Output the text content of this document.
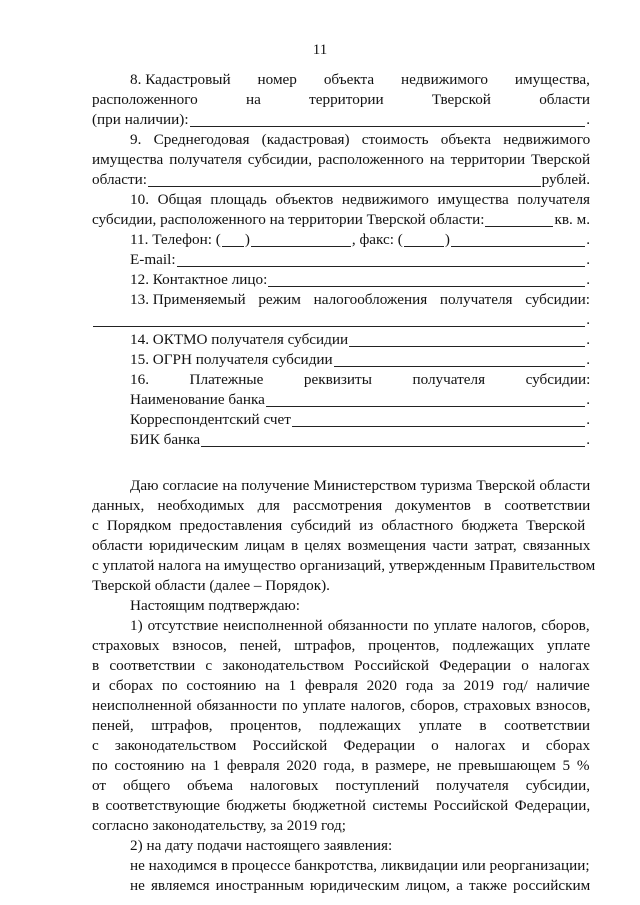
11
8. Кадастровый номер объекта недвижимого имущества,
расположенного	на	территории	Тверской	области
(при наличии):	.
9. Среднегодовая (кадастровая) стоимость объекта недвижимого
имущества получателя субсидии, расположенного на территории Тверской
области:	рублей.
10. Общая площадь объектов недвижимого имущества получателя
субсидии, расположенного на территории Тверской области:	кв. м.
11. Телефон: ( )	, факс: (	)	.
E-mail:	.
12. Контактное лицо:	.
13. Применяемый режим налогообложения получателя субсидии:
.
14. ОКТМО получателя субсидии	.
15. ОГРН получателя субсидии	.
16. Платежные реквизиты получателя субсидии:
Наименование банка	.
Корреспондентский счет	.
БИК банка	.
Даю согласие на получение Министерством туризма Тверской области
данных, необходимых для рассмотрения документов в соответствии
с Порядком предоставления субсидий из областного бюджета Тверской
области юридическим лицам в целях возмещения части затрат, связанных
с уплатой налога на имущество организаций, утвержденным Правительством
Тверской области (далее – Порядок).
Настоящим подтверждаю:
1) отсутствие неисполненной обязанности по уплате налогов, сборов,
страховых взносов, пеней, штрафов, процентов, подлежащих уплате
в соответствии с законодательством Российской Федерации о налогах
и сборах по состоянию на 1 февраля 2020 года за 2019 год/ наличие
неисполненной обязанности по уплате налогов, сборов, страховых взносов,
пеней, штрафов, процентов, подлежащих уплате в соответствии
с законодательством Российской Федерации о налогах и сборах
по состоянию на 1 февраля 2020 года, в размере, не превышающем 5 %
от общего объема налоговых поступлений получателя субсидии,
в соответствующие бюджеты бюджетной системы Российской Федерации,
согласно законодательству, за 2019 год;
2) на дату подачи настоящего заявления:
не находимся в процессе банкротства, ликвидации или реорганизации;
не являемся иностранным юридическим лицом, а также российским
